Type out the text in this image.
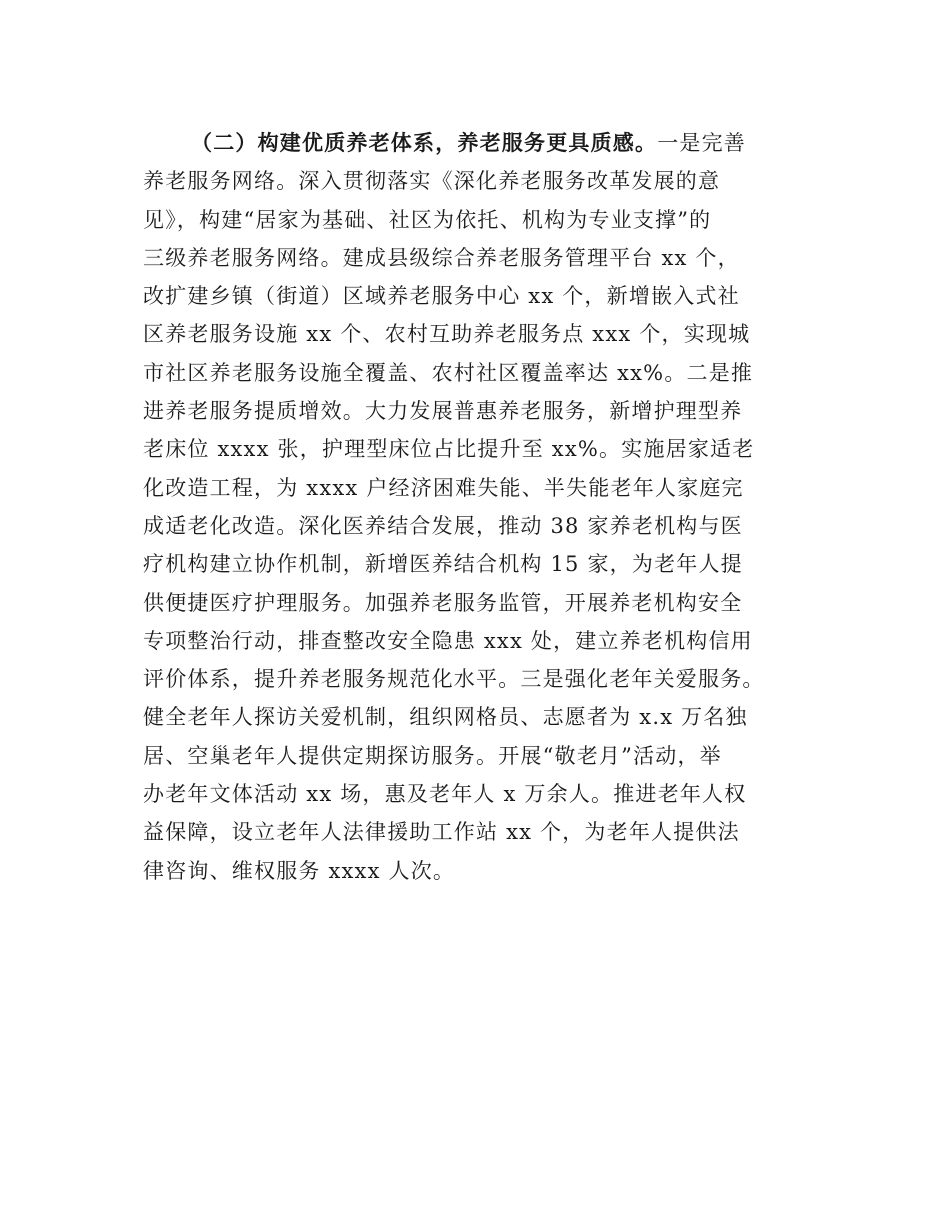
（二）构建优质养老体系，养老服务更具质感。一是完善
养老服务网络。深入贯彻落实《深化养老服务改革发展的意
见》，构建“居家为基础、社区为依托、机构为专业支撑”的
三级养老服务网络。建成县级综合养老服务管理平台 xx 个，
改扩建乡镇（街道）区域养老服务中心 xx 个，新增嵌入式社
区养老服务设施 xx 个、农村互助养老服务点 xxx 个，实现城
市社区养老服务设施全覆盖、农村社区覆盖率达 xx%。二是推
进养老服务提质增效。大力发展普惠养老服务，新增护理型养
老床位 xxxx 张，护理型床位占比提升至 xx%。实施居家适老
化改造工程，为 xxxx 户经济困难失能、半失能老年人家庭完
成适老化改造。深化医养结合发展，推动 38 家养老机构与医
疗机构建立协作机制，新增医养结合机构 15 家，为老年人提
供便捷医疗护理服务。加强养老服务监管，开展养老机构安全
专项整治行动，排查整改安全隐患 xxx 处，建立养老机构信用
评价体系，提升养老服务规范化水平。三是强化老年关爱服务。
健全老年人探访关爱机制，组织网格员、志愿者为 x.x 万名独
居、空巢老年人提供定期探访服务。开展“敬老月”活动，举
办老年文体活动 xx 场，惠及老年人 x 万余人。推进老年人权
益保障，设立老年人法律援助工作站 xx 个，为老年人提供法
律咨询、维权服务 xxxx 人次。
